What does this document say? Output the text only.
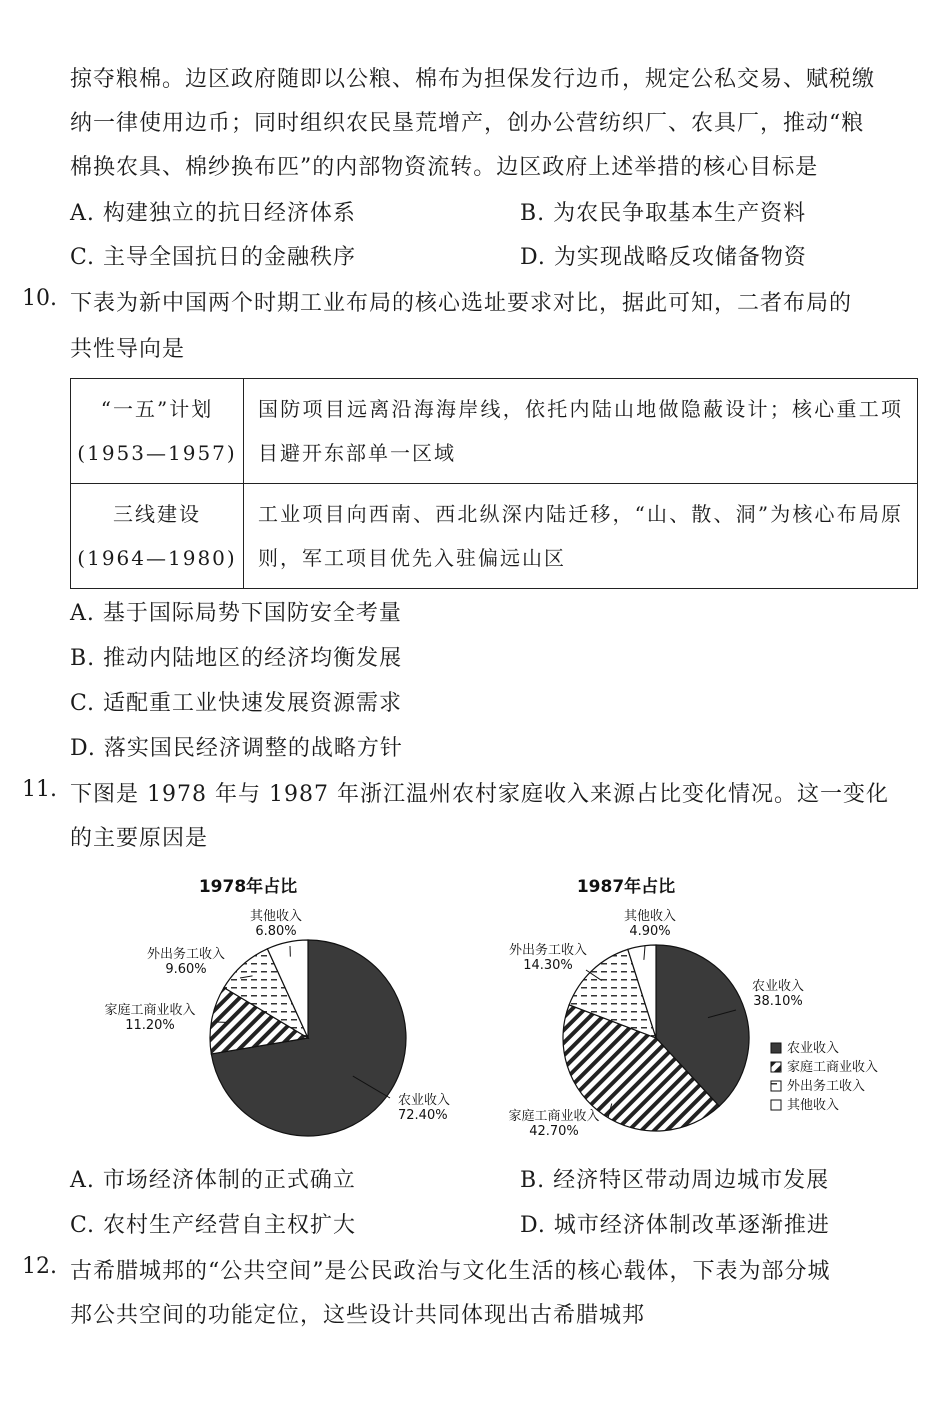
掠夺粮棉。边区政府随即以公粮、棉布为担保发行边币，规定公私交易、赋税缴
纳一律使用边币；同时组织农民垦荒增产，创办公营纺织厂、农具厂，推动“粮
棉换农具、棉纱换布匹”的内部物资流转。边区政府上述举措的核心目标是
A. 构建独立的抗日经济体系	B. 为农民争取基本生产资料
C. 主导全国抗日的金融秩序	D. 为实现战略反攻储备物资
10. 下表为新中国两个时期工业布局的核心选址要求对比，据此可知，二者布局的
共性导向是
“一五”计划
(1953—1957)	国防项目远离沿海海岸线，依托内陆山地做隐蔽设计；核心重工项目避开东部单一区域

三线建设
(1964—1980)	工业项目向西南、西北纵深内陆迁移，“山、散、洞”为核心布局原则，军工项目优先入驻偏远山区
A. 基于国际局势下国防安全考量
B. 推动内陆地区的经济均衡发展
C. 适配重工业快速发展资源需求
D. 落实国民经济调整的战略方针
11. 下图是 1978 年与 1987 年浙江温州农村家庭收入来源占比变化情况。这一变化
的主要原因是
1978年占比
农业收入
72.40%
家庭工商业收入
11.20%
外出务工收入
9.60%
其他收入
6.80%
1987年占比
农业收入
38.10%
家庭工商业收入
42.70%
外出务工收入
14.30%
其他收入
4.90%
农业收入
家庭工商业收入
外出务工收入
其他收入
A. 市场经济体制的正式确立	B. 经济特区带动周边城市发展
C. 农村生产经营自主权扩大	D. 城市经济体制改革逐渐推进
12. 古希腊城邦的“公共空间”是公民政治与文化生活的核心载体，下表为部分城
邦公共空间的功能定位，这些设计共同体现出古希腊城邦
